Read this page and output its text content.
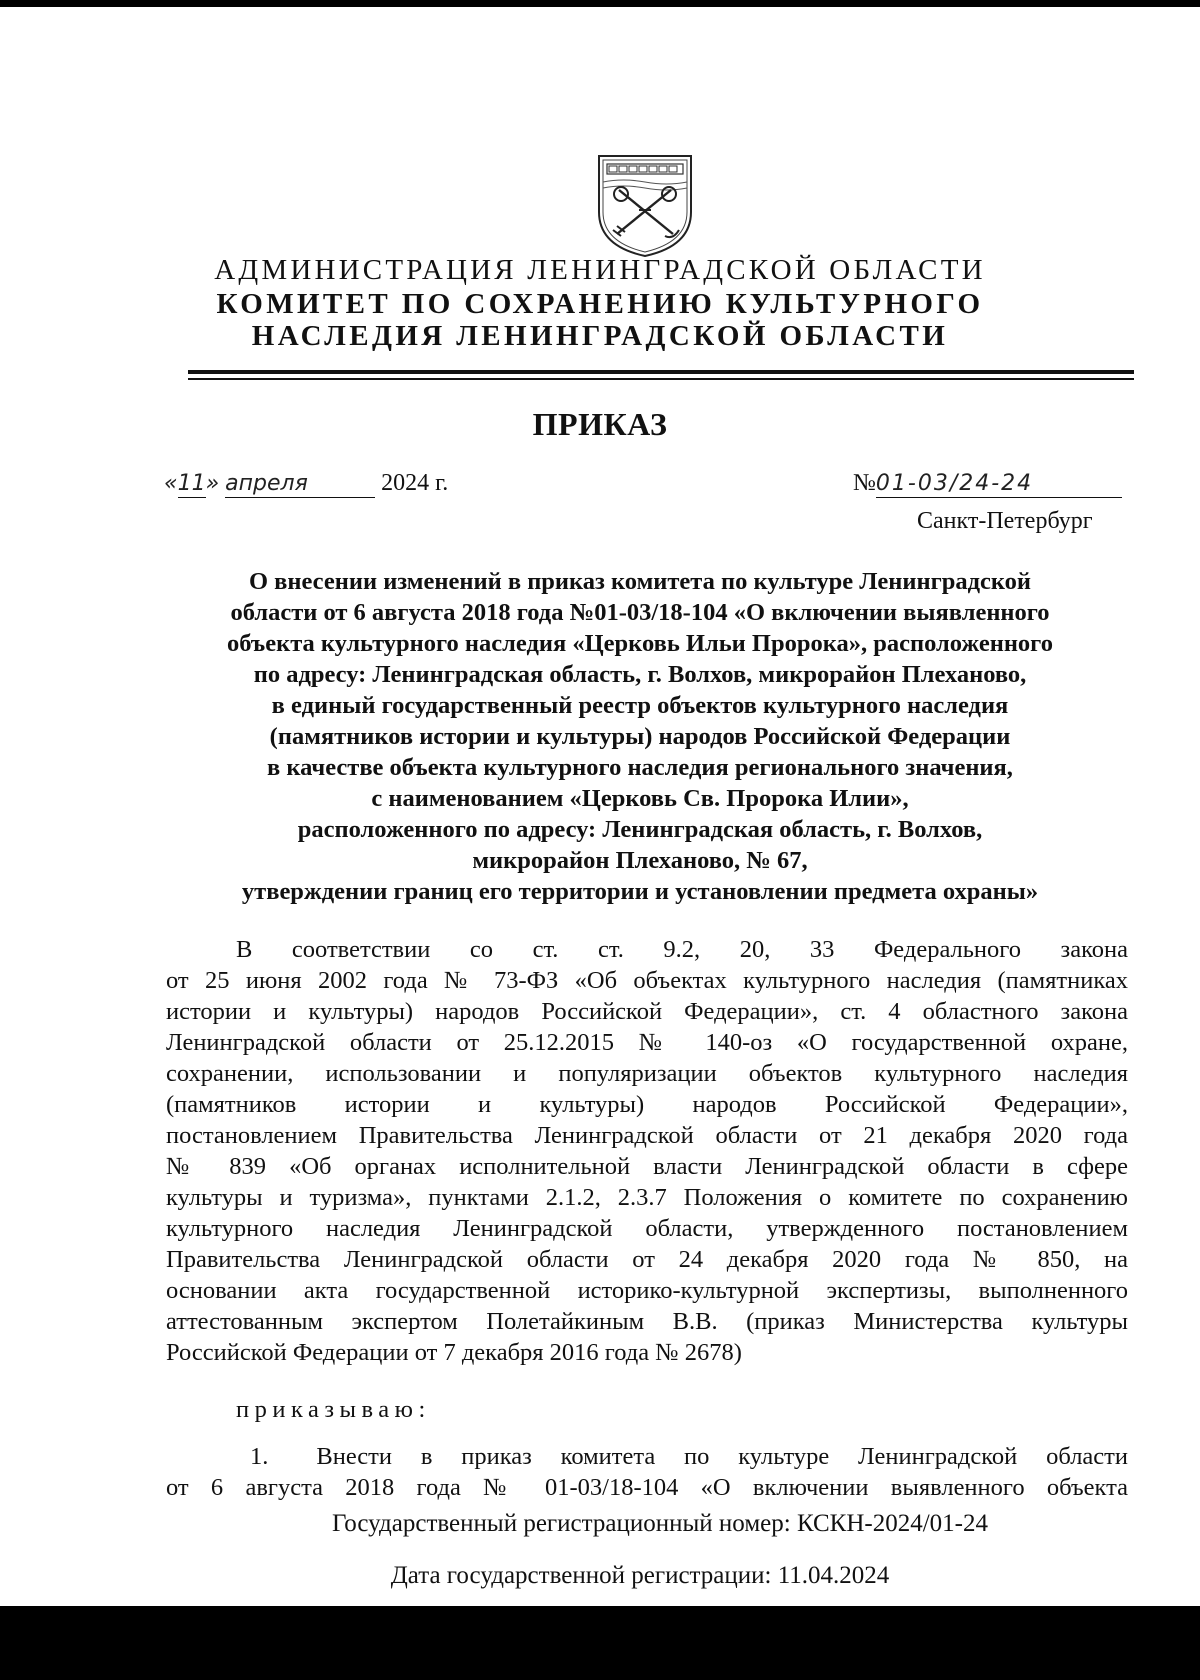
АДМИНИСТРАЦИЯ ЛЕНИНГРАДСКОЙ ОБЛАСТИ
КОМИТЕТ ПО СОХРАНЕНИЮ КУЛЬТУРНОГО
НАСЛЕДИЯ ЛЕНИНГРАДСКОЙ ОБЛАСТИ
ПРИКАЗ
«11» апреля	2024 г.	№01-03/24-24
Санкт-Петербург
О внесении изменений в приказ комитета по культуре Ленинградской
области от 6 августа 2018 года №01-03/18-104 «О включении выявленного
объекта культурного наследия «Церковь Ильи Пророка», расположенного
по адресу: Ленинградская область, г. Волхов, микрорайон Плеханово,
в единый государственный реестр объектов культурного наследия
(памятников истории и культуры) народов Российской Федерации
в качестве объекта культурного наследия регионального значения,
с наименованием «Церковь Св. Пророка Илии»,
расположенного по адресу: Ленинградская область, г. Волхов,
микрорайон Плеханово, № 67,
утверждении границ его территории и установлении предмета охраны»
В соответствии со ст. ст. 9.2, 20, 33 Федерального закона
от 25 июня 2002 года № 73-ФЗ «Об объектах культурного наследия (памятниках
истории и культуры) народов Российской Федерации», ст. 4 областного закона
Ленинградской области от 25.12.2015 № 140-оз «О государственной охране,
сохранении, использовании и популяризации объектов культурного наследия
(памятников истории и культуры) народов Российской Федерации»,
постановлением Правительства Ленинградской области от 21 декабря 2020 года
№ 839 «Об органах исполнительной власти Ленинградской области в сфере
культуры и туризма», пунктами 2.1.2, 2.3.7 Положения о комитете по сохранению
культурного наследия Ленинградской области, утвержденного постановлением
Правительства Ленинградской области от 24 декабря 2020 года № 850, на
основании акта государственной историко-культурной экспертизы, выполненного
аттестованным экспертом Полетайкиным В.В. (приказ Министерства культуры
Российской Федерации от 7 декабря 2016 года № 2678)
приказываю:
1. Внести в приказ комитета по культуре Ленинградской области
от 6 августа 2018 года № 01-03/18-104 «О включении выявленного объекта
Государственный регистрационный номер: КСКН-2024/01-24
Дата государственной регистрации: 11.04.2024
